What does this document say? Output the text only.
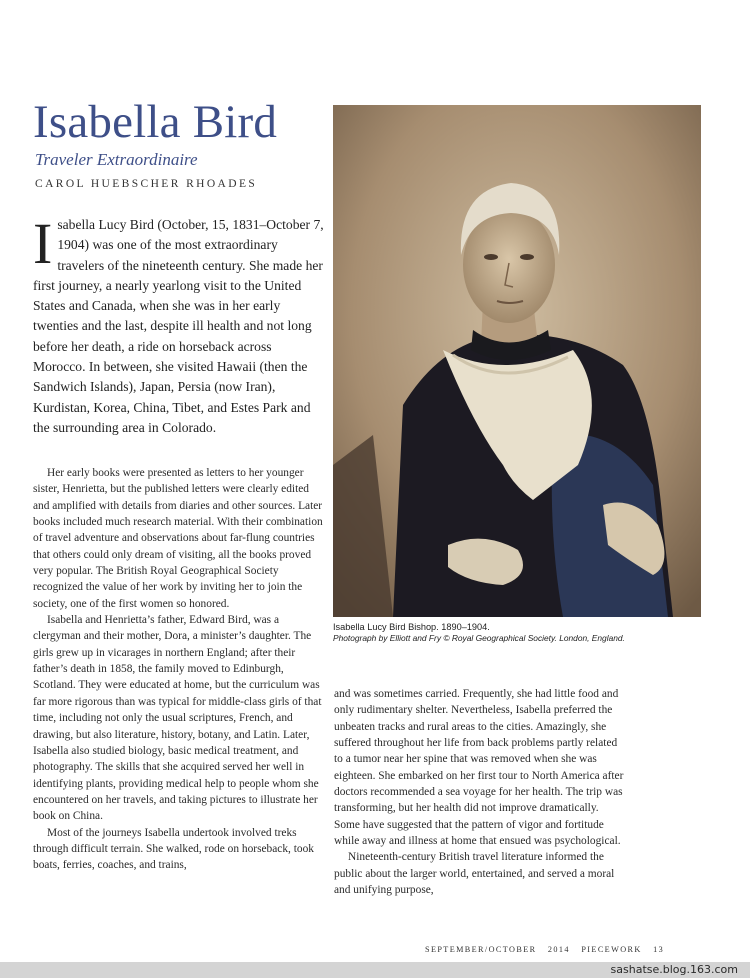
Isabella Bird

Traveler Extraordinaire

CAROL HUEBSCHER RHOADES

Isabella Lucy Bird (October, 15, 1831–October 7, 1904) was one of the most extraordinary travelers of the nineteenth century. She made her first journey, a nearly yearlong visit to the United States and Canada, when she was in her early twenties and the last, despite ill health and not long before her death, a ride on horseback across Morocco. In between, she visited Hawaii (then the Sandwich Islands), Japan, Persia (now Iran), Kurdistan, Korea, China, Tibet, and Estes Park and the surrounding area in Colorado.

Her early books were presented as letters to her younger sister, Henrietta, but the published letters were clearly edited and amplified with details from diaries and other sources. Later books included much research material. With their combination of travel adventure and observations about far-flung countries that others could only dream of visiting, all the books proved very popular. The British Royal Geographical Society recognized the value of her work by inviting her to join the society, one of the first women so honored.

Isabella and Henrietta’s father, Edward Bird, was a clergyman and their mother, Dora, a minister’s daughter. The girls grew up in vicarages in northern England; after their father’s death in 1858, the family moved to Edinburgh, Scotland. They were educated at home, but the curriculum was far more rigorous than was typical for middle-class girls of that time, including not only the usual scriptures, French, and drawing, but also literature, history, botany, and Latin. Later, Isabella also studied biology, basic medical treatment, and photography. The skills that she acquired served her well in identifying plants, providing medical help to people whom she encountered on her travels, and taking pictures to illustrate her book on China.

Most of the journeys Isabella undertook involved treks through difficult terrain. She walked, rode on horseback, took boats, ferries, coaches, and trains,

and was sometimes carried. Frequently, she had little food and only rudimentary shelter. Nevertheless, Isabella preferred the unbeaten tracks and rural areas to the cities. Amazingly, she suffered throughout her life from back problems partly related to a tumor near her spine that was removed when she was eighteen. She embarked on her first tour to North America after doctors recommended a sea voyage for her health. The trip was transforming, but her health did not improve dramatically. Some have suggested that the pattern of vigor and fortitude while away and illness at home that ensued was psychological.

Nineteenth-century British travel literature informed the public about the larger world, entertained, and served a moral and unifying purpose,

Isabella Lucy Bird Bishop. 1890–1904.

Photograph by Elliott and Fry © Royal Geographical Society. London, England.

SEPTEMBER/OCTOBER 2014 PIECEWORK 13
sashatse.blog.163.com
